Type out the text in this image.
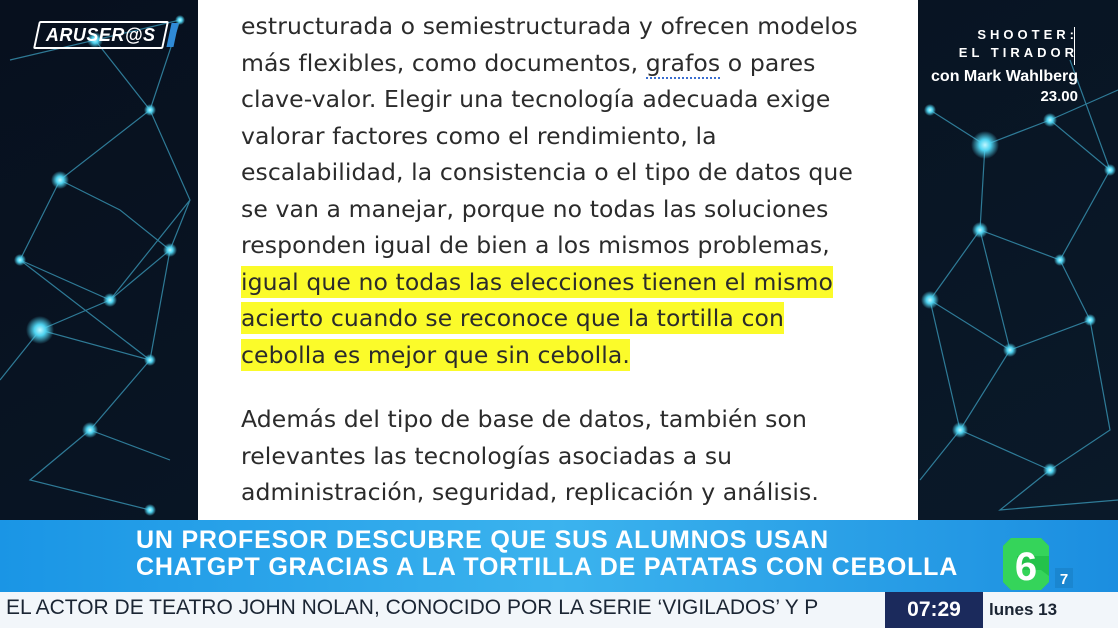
estructurada o semiestructurada y ofrecen modelos
más flexibles, como documentos, grafos o pares
clave-valor. Elegir una tecnología adecuada exige
valorar factores como el rendimiento, la
escalabilidad, la consistencia o el tipo de datos que
se van a manejar, porque no todas las soluciones
responden igual de bien a los mismos problemas,
igual que no todas las elecciones tienen el mismo
acierto cuando se reconoce que la tortilla con
cebolla es mejor que sin cebolla.
Además del tipo de base de datos, también son
relevantes las tecnologías asociadas a su
administración, seguridad, replicación y análisis.
ARUSER@S	SHOOTER:
EL TIRADOR
con Mark Wahlberg
23.00
UN PROFESOR DESCUBRE QUE SUS ALUMNOS USAN
CHATGPT GRACIAS A LA TORTILLA DE PATATAS CON CEBOLLA	6 7
EL ACTOR DE TEATRO JOHN NOLAN, CONOCIDO POR LA SERIE ‘VIGILADOS’ Y P	07:29	lunes 13
